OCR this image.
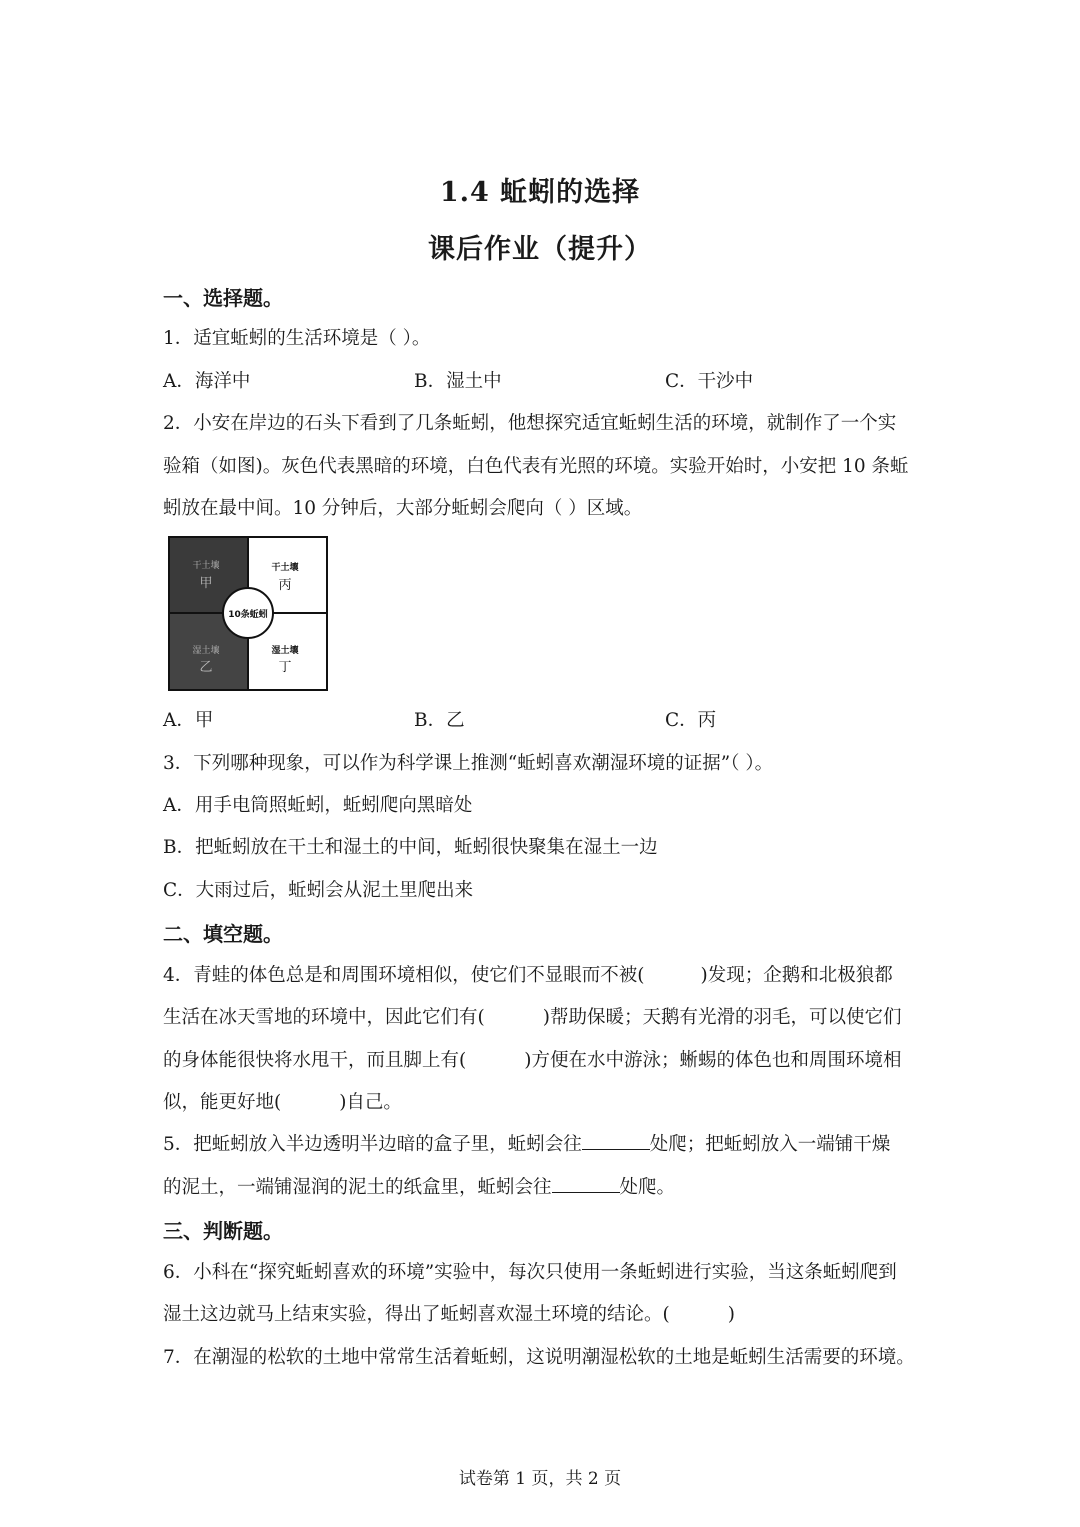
1.4 蚯蚓的选择
课后作业（提升）
一、选择题。
1．适宜蚯蚓的生活环境是（ ）。
A．海洋中	B．湿土中	C．干沙中
2．小安在岸边的石头下看到了几条蚯蚓，他想探究适宜蚯蚓生活的环境，就制作了一个实
验箱（如图)。灰色代表黑暗的环境，白色代表有光照的环境。实验开始时，小安把 10 条蚯
蚓放在最中间。10 分钟后，大部分蚯蚓会爬向（ ）区域。
10条蚯蚓
干土壤
甲
干土壤
丙
湿土壤
乙
湿土壤
丁
A．甲	B．乙	C．丙
3．下列哪种现象，可以作为科学课上推测“蚯蚓喜欢潮湿环境的证据”（ ）。
A．用手电筒照蚯蚓，蚯蚓爬向黑暗处
B．把蚯蚓放在干土和湿土的中间，蚯蚓很快聚集在湿土一边
C．大雨过后，蚯蚓会从泥土里爬出来
二、填空题。
4．青蛙的体色总是和周围环境相似，使它们不显眼而不被(	)发现；企鹅和北极狼都
生活在冰天雪地的环境中，因此它们有(	)帮助保暖；天鹅有光滑的羽毛，可以使它们
的身体能很快将水甩干，而且脚上有(	)方便在水中游泳；蜥蜴的体色也和周围环境相
似，能更好地(	)自己。
5．把蚯蚓放入半边透明半边暗的盒子里，蚯蚓会往	处爬；把蚯蚓放入一端铺干燥
的泥土，一端铺湿润的泥土的纸盒里，蚯蚓会往	处爬。
三、判断题。
6．小科在“探究蚯蚓喜欢的环境”实验中，每次只使用一条蚯蚓进行实验，当这条蚯蚓爬到
湿土这边就马上结束实验，得出了蚯蚓喜欢湿土环境的结论。(	)
7．在潮湿的松软的土地中常常生活着蚯蚓，这说明潮湿松软的土地是蚯蚓生活需要的环境。
试卷第 1 页，共 2 页
